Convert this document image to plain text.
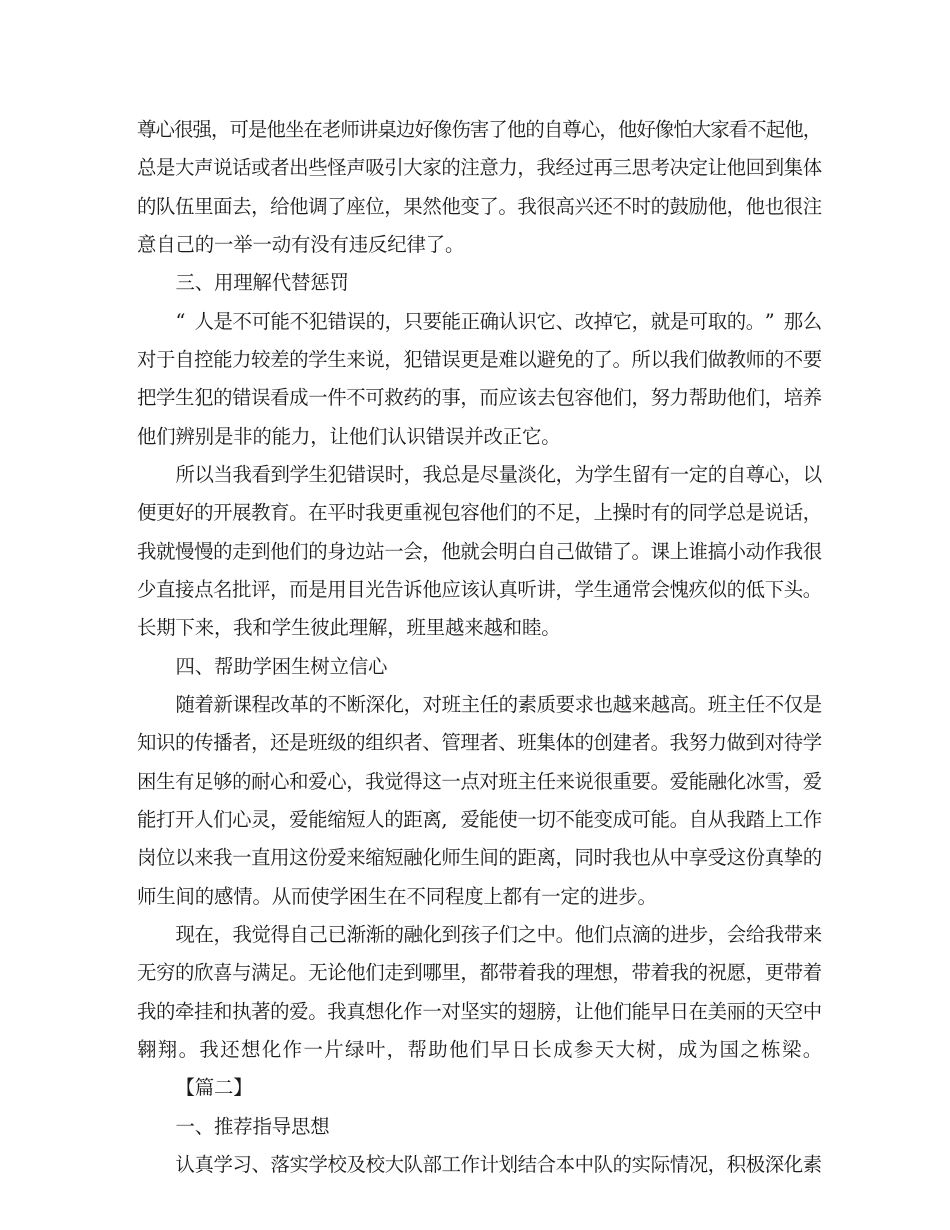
尊 心 很 强 ， 可 是 他 坐 在 老 师 讲 桌 边 好 像 伤 害 了 他 的 自 尊 心 ， 他 好 像 怕 大 家 看 不 起 他 ，
总 是 大 声 说 话 或 者 出 些 怪 声 吸 引 大 家 的 注 意 力 ， 我 经 过 再 三 思 考 决 定 让 他 回 到 集 体
的 队 伍 里 面 去 ， 给 他 调 了 座 位 ， 果 然 他 变 了 。 我 很 高 兴 还 不 时 的 鼓 励 他 ， 他 也 很 注
意 自 己 的 一 举 一 动 有 没 有 违 反 纪 律 了 。
三 、 用 理 解 代 替 惩 罚
“ 人 是 不 可 能 不 犯 错 误 的 ， 只 要 能 正 确 认 识 它 、 改 掉 它 ， 就 是 可 取 的 。 ” 那 么
对 于 自 控 能 力 较 差 的 学 生 来 说 ， 犯 错 误 更 是 难 以 避 免 的 了 。 所 以 我 们 做 教 师 的 不 要
把 学 生 犯 的 错 误 看 成 一 件 不 可 救 药 的 事 ， 而 应 该 去 包 容 他 们 ， 努 力 帮 助 他 们 ， 培 养
他 们 辨 别 是 非 的 能 力 ， 让 他 们 认 识 错 误 并 改 正 它 。
所 以 当 我 看 到 学 生 犯 错 误 时 ， 我 总 是 尽 量 淡 化 ， 为 学 生 留 有 一 定 的 自 尊 心 ， 以
便 更 好 的 开 展 教 育 。 在 平 时 我 更 重 视 包 容 他 们 的 不 足 ， 上 操 时 有 的 同 学 总 是 说 话 ，
我 就 慢 慢 的 走 到 他 们 的 身 边 站 一 会 ， 他 就 会 明 白 自 己 做 错 了 。 课 上 谁 搞 小 动 作 我 很
少 直 接 点 名 批 评 ， 而 是 用 目 光 告 诉 他 应 该 认 真 听 讲 ， 学 生 通 常 会 愧 疚 似 的 低 下 头 。
长 期 下 来 ， 我 和 学 生 彼 此 理 解 ， 班 里 越 来 越 和 睦 。
四 、 帮 助 学 困 生 树 立 信 心
随 着 新 课 程 改 革 的 不 断 深 化 ， 对 班 主 任 的 素 质 要 求 也 越 来 越 高 。 班 主 任 不 仅 是
知 识 的 传 播 者 ， 还 是 班 级 的 组 织 者 、 管 理 者 、 班 集 体 的 创 建 者 。 我 努 力 做 到 对 待 学
困 生 有 足 够 的 耐 心 和 爱 心 ， 我 觉 得 这 一 点 对 班 主 任 来 说 很 重 要 。 爱 能 融 化 冰 雪 ， 爱
能 打 开 人 们 心 灵 ， 爱 能 缩 短 人 的 距 离 , 爱 能 使 一 切 不 能 变 成 可 能 。 自 从 我 踏 上 工 作
岗 位 以 来 我 一 直 用 这 份 爱 来 缩 短 融 化 师 生 间 的 距 离 ， 同 时 我 也 从 中 享 受 这 份 真 挚 的
师 生 间 的 感 情 。 从 而 使 学 困 生 在 不 同 程 度 上 都 有 一 定 的 进 步 。
现 在 ， 我 觉 得 自 己 已 渐 渐 的 融 化 到 孩 子 们 之 中 。 他 们 点 滴 的 进 步 ， 会 给 我 带 来
无 穷 的 欣 喜 与 满 足 。 无 论 他 们 走 到 哪 里 ， 都 带 着 我 的 理 想 ， 带 着 我 的 祝 愿 ， 更 带 着
我 的 牵 挂 和 执 著 的 爱 。 我 真 想 化 作 一 对 坚 实 的 翅 膀 ， 让 他 们 能 早 日 在 美 丽 的 天 空 中
翱 翔 。 我 还 想 化 作 一 片 绿 叶 ， 帮 助 他 们 早 日 长 成 参 天 大 树 ， 成 为 国 之 栋 梁 。
【 篇 二 】
一 、 推 荐 指 导 思 想
认 真 学 习 、 落 实 学 校 及 校 大 队 部 工 作 计 划 结 合 本 中 队 的 实 际 情 况 ， 积 极 深 化 素
